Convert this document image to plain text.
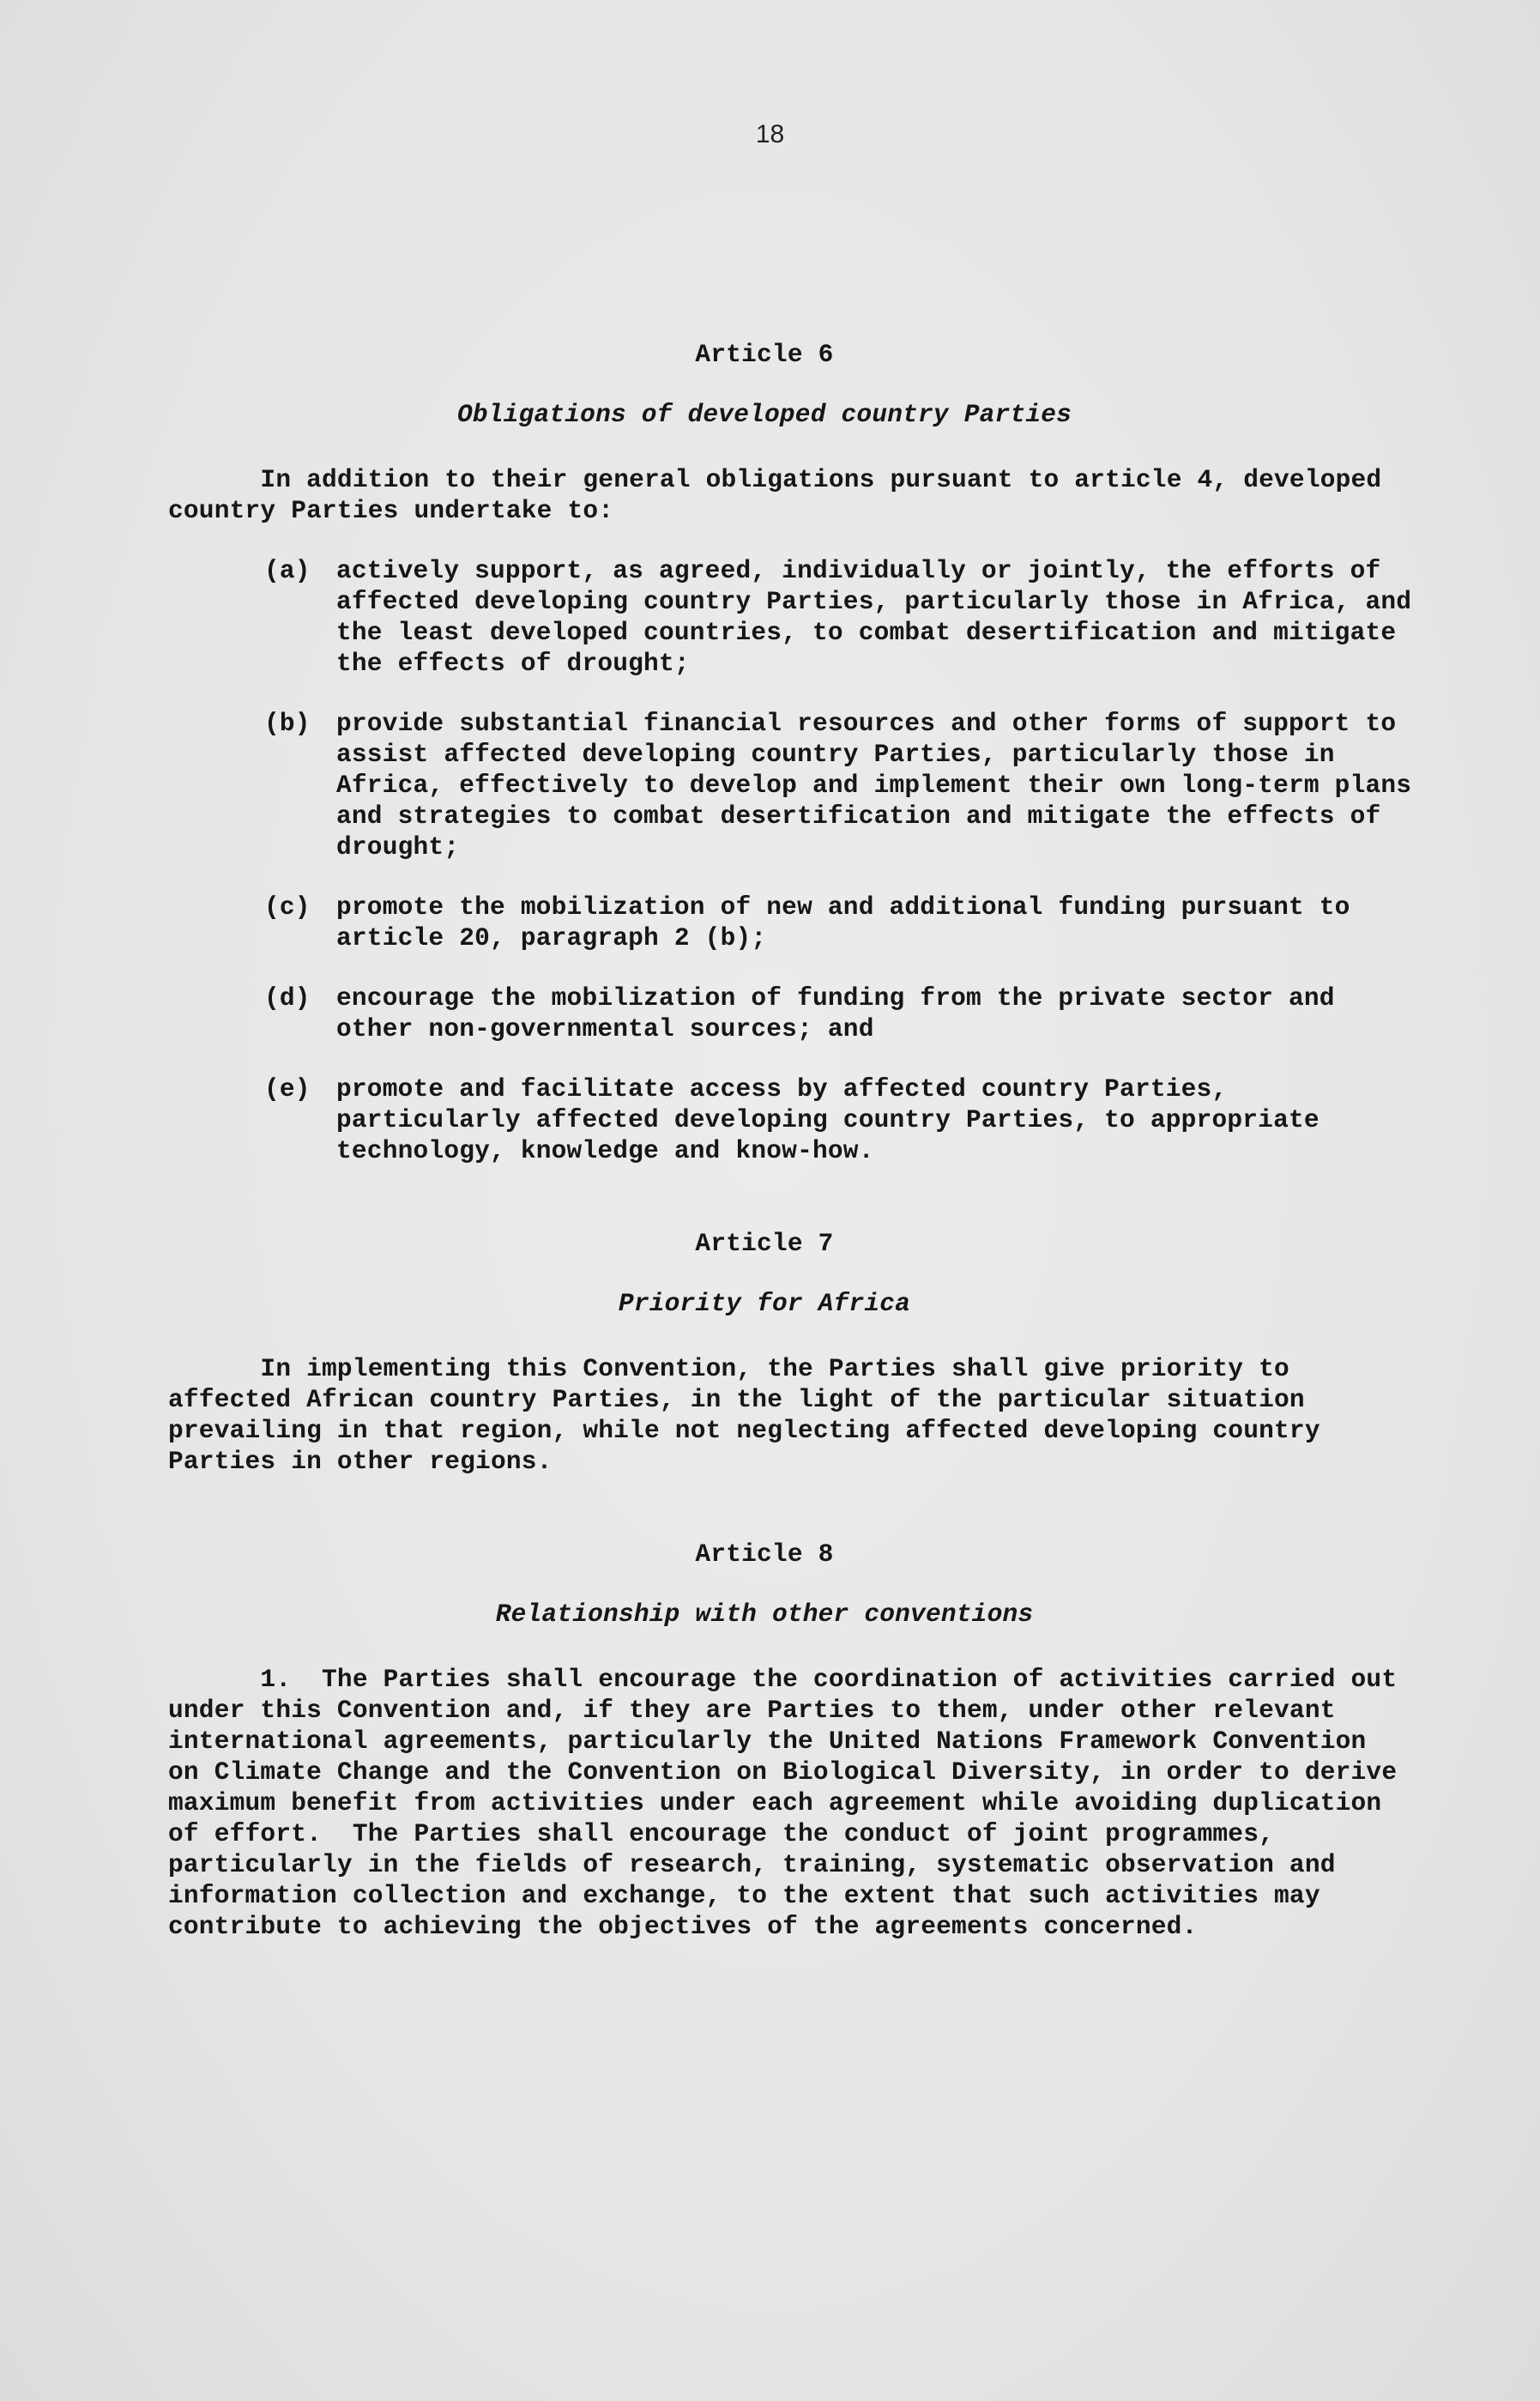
18

Article 6

Obligations of developed country Parties

In addition to their general obligations pursuant to article 4, developed
country Parties undertake to:

(a)	actively support, as agreed, individually or jointly, the efforts of
affected developing country Parties, particularly those in Africa, and
the least developed countries, to combat desertification and mitigate
the effects of drought;
(b)	provide substantial financial resources and other forms of support to
assist affected developing country Parties, particularly those in
Africa, effectively to develop and implement their own long-term plans
and strategies to combat desertification and mitigate the effects of
drought;
(c)	promote the mobilization of new and additional funding pursuant to
article 20, paragraph 2 (b);
(d)	encourage the mobilization of funding from the private sector and
other non-governmental sources; and
(e)	promote and facilitate access by affected country Parties,
particularly affected developing country Parties, to appropriate
technology, knowledge and know-how.

Article 7

Priority for Africa

In implementing this Convention, the Parties shall give priority to
affected African country Parties, in the light of the particular situation
prevailing in that region, while not neglecting affected developing country
Parties in other regions.

Article 8

Relationship with other conventions

1.  The Parties shall encourage the coordination of activities carried out
under this Convention and, if they are Parties to them, under other relevant
international agreements, particularly the United Nations Framework Convention
on Climate Change and the Convention on Biological Diversity, in order to derive
maximum benefit from activities under each agreement while avoiding duplication
of effort.  The Parties shall encourage the conduct of joint programmes,
particularly in the fields of research, training, systematic observation and
information collection and exchange, to the extent that such activities may
contribute to achieving the objectives of the agreements concerned.
